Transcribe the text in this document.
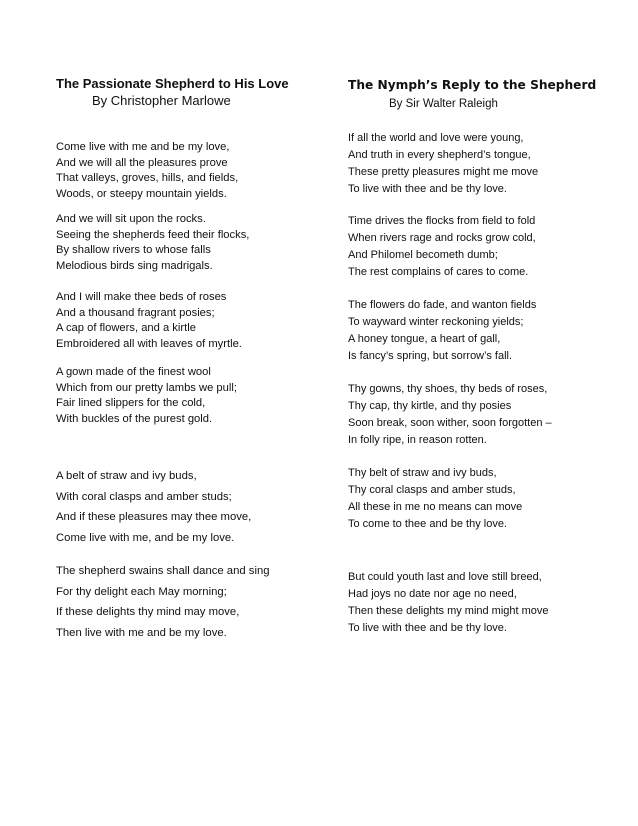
The Passionate Shepherd to His Love
By Christopher Marlowe
Come live with me and be my love,
And we will all the pleasures prove
That valleys, groves, hills, and fields,
Woods, or steepy mountain yields.
And we will sit upon the rocks.
Seeing the shepherds feed their flocks,
By shallow rivers to whose falls
Melodious birds sing madrigals.
And I will make thee beds of roses
And a thousand fragrant posies;
A cap of flowers, and a kirtle
Embroidered all with leaves of myrtle.
A gown made of the finest wool
Which from our pretty lambs we pull;
Fair lined slippers for the cold,
With buckles of the purest gold.
A belt of straw and ivy buds,
With coral clasps and amber studs;
And if these pleasures may thee move,
Come live with me, and be my love.
The shepherd swains shall dance and sing
For thy delight each May morning;
If these delights thy mind may move,
Then live with me and be my love.
The Nymph’s Reply to the Shepherd
By Sir Walter Raleigh
If all the world and love were young,
And truth in every shepherd’s tongue,
These pretty pleasures might me move
To live with thee and be thy love.
Time drives the flocks from field to fold
When rivers rage and rocks grow cold,
And Philomel becometh dumb;
The rest complains of cares to come.
The flowers do fade, and wanton fields
To wayward winter reckoning yields;
A honey tongue, a heart of gall,
Is fancy’s spring, but sorrow’s fall.
Thy gowns, thy shoes, thy beds of roses,
Thy cap, thy kirtle, and thy posies
Soon break, soon wither, soon forgotten –
In folly ripe, in reason rotten.
Thy belt of straw and ivy buds,
Thy coral clasps and amber studs,
All these in me no means can move
To come to thee and be thy love.
But could youth last and love still breed,
Had joys no date nor age no need,
Then these delights my mind might move
To live with thee and be thy love.
